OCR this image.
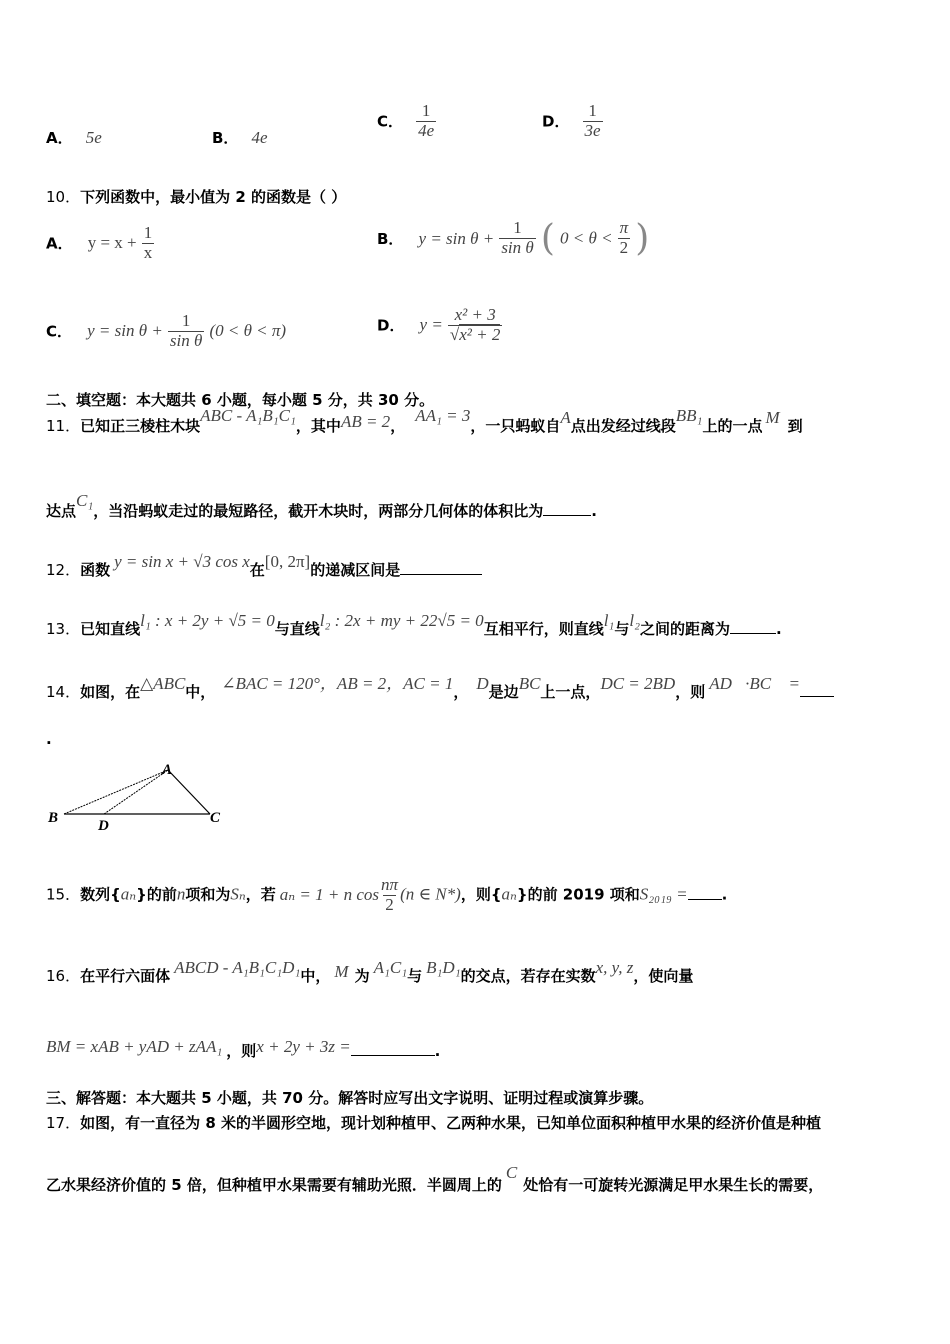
A． 5e	B． 4e
C． $\frac{1}{4e}$	D． $\frac{1}{3e}$
10．下列函数中，最小值为 2 的函数是（ ）
A． $y = x + \frac{1}{x}$	B． $y = \sin \theta + \frac{1}{\text{sin θ}}$ ( $0 < \theta < \frac{\pi}{2}$ )
C． $y = \sin \theta + \frac{1}{\text{sin θ}} (0 < \theta < \pi)$	D． $y = \frac{\text{x² + 3}}{\text{√x² + 2}}$
二、填空题：本大题共 6 小题，每小题 5 分，共 30 分。
11．已知正三棱柱木块ABC - A₁B₁C₁，其中AB = 2，AA₁ = 3，一只蚂蚁自A点出发经过线段BB₁上的一点 M 到
达点C₁，当沿蚂蚁走过的最短路径，截开木块时，两部分几何体的体积比为	.
12．函数 y = sin x + √3 cos x在[0, 2π]的递减区间是
13．已知直线l₁ : x + 2y + √5 = 0与直线l₂ : 2x + my + 22√5 = 0互相平行，则直线l₁与l₂之间的距离为	.
14．如图，在△ABC中， ∠BAC = 120°，AB = 2，AC = 1， D是边BC上一点，DC = 2BD，则 AD⃗·BC⃗ =
.
A
B	C
D
15．数列{aₙ}的前n项和为Sₙ，若 aₙ = 1 + n $\cos \frac{n\pi}{2} (n$ ∈ N*)，则{aₙ}的前 2019 项和S₂₀₁₉ = .
16．在平行六面体 ABCD - A₁B₁C₁D₁中， M 为 A₁C₁与 B₁D₁的交点，若存在实数x, y, z，使向量
BM = xAB + yAD + zAA₁ ，则x + 2y + 3z =	.
三、解答题：本大题共 5 小题，共 70 分。解答时应写出文字说明、证明过程或演算步骤。
17．如图，有一直径为 8 米的半圆形空地，现计划种植甲、乙两种水果，已知单位面积种植甲水果的经济价值是种植
乙水果经济价值的 5 倍，但种植甲水果需要有辅助光照．半圆周上的C处恰有一可旋转光源满足甲水果生长的需要，
